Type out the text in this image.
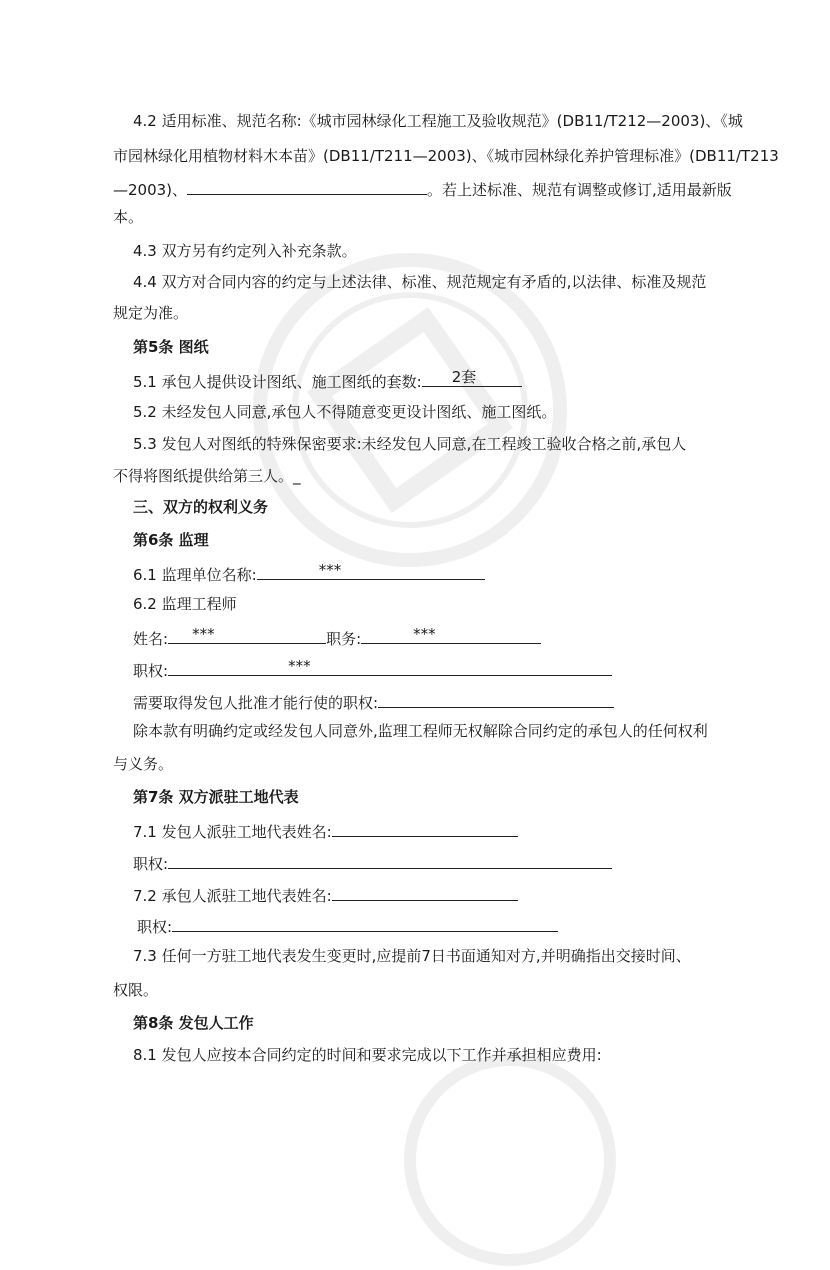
4.2 适用标准、规范名称:《城市园林绿化工程施工及验收规范》(DB11/T212—2003)、《城
市园林绿化用植物材料木本苗》(DB11/T211—2003)、《城市园林绿化养护管理标准》(DB11/T213
—2003)、	。若上述标准、规范有调整或修订,适用最新版
本。
4.3 双方另有约定列入补充条款。
4.4 双方对合同内容的约定与上述法律、标准、规范规定有矛盾的,以法律、标准及规范
规定为准。
第5条 图纸
5.1 承包人提供设计图纸、施工图纸的套数: 2套
5.2 未经发包人同意,承包人不得随意变更设计图纸、施工图纸。
5.3 发包人对图纸的特殊保密要求:未经发包人同意,在工程竣工验收合格之前,承包人
不得将图纸提供给第三人。_
三、双方的权利义务
第6条 监理
6.1 监理单位名称:	***
6.2 监理工程师
姓名: ***	职务:	***
职权:	***
需要取得发包人批准才能行使的职权:
除本款有明确约定或经发包人同意外,监理工程师无权解除合同约定的承包人的任何权利
与义务。
第7条 双方派驻工地代表
7.1 发包人派驻工地代表姓名:
职权:
7.2 承包人派驻工地代表姓名:
职权:
7.3 任何一方驻工地代表发生变更时,应提前7日书面通知对方,并明确指出交接时间、
权限。
第8条 发包人工作
8.1 发包人应按本合同约定的时间和要求完成以下工作并承担相应费用:
